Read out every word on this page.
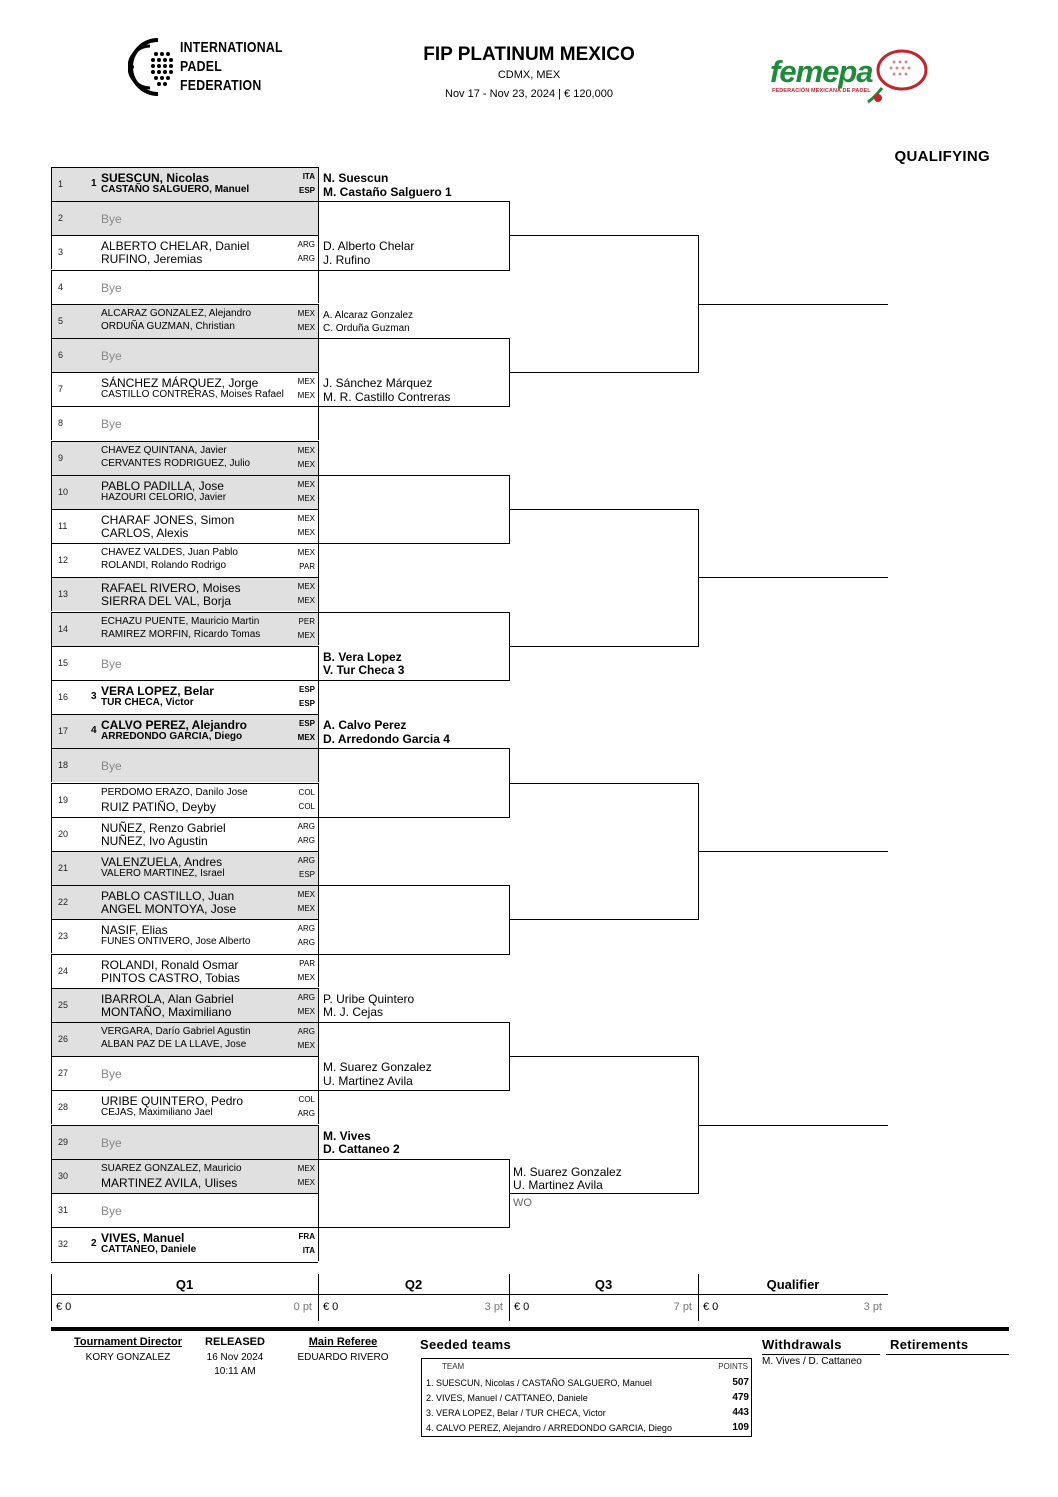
INTERNATIONAL
PADEL
FEDERATION
FIP PLATINUM MEXICO
CDMX, MEX
Nov 17 - Nov 23, 2024 | € 120,000
femepa
FEDERACIÓN MEXICANA DE PADEL
QUALIFYING
1	1 SUESCUN, Nicolas	ITA
CASTAÑO SALGUERO, Manuel	ESP
2	Bye
3	ALBERTO CHELAR, Daniel	ARG
RUFINO, Jeremias	ARG
4	Bye
5
ALCARAZ GONZALEZ, Alejandro	MEX
ORDUÑA GUZMAN, Christian	MEX
6	Bye
7	SÁNCHEZ MÁRQUEZ, Jorge	MEX
CASTILLO CONTRERAS, Moises Rafael MEX
8	Bye
9
CHAVEZ QUINTANA, Javier	MEX
CERVANTES RODRIGUEZ, Julio	MEX
10	PABLO PADILLA, Jose	MEX
HAZOURI CELORIO, Javier	MEX
11	CHARAF JONES, Simon	MEX
CARLOS, Alexis	MEX
12
CHAVEZ VALDES, Juan Pablo	MEX
ROLANDI, Rolando Rodrigo	PAR
13	RAFAEL RIVERO, Moises	MEX
SIERRA DEL VAL, Borja	MEX
14
ECHAZU PUENTE, Mauricio Martin	PER
RAMIREZ MORFIN, Ricardo Tomas	MEX
15	Bye
16 3 VERA LOPEZ, Belar	ESP
TUR CHECA, Victor	ESP
17 4 CALVO PEREZ, Alejandro	ESP
ARREDONDO GARCIA, Diego	MEX
18	Bye
19
PERDOMO ERAZO, Danilo Jose	COL
RUIZ PATIÑO, Deyby	COL
20	NUÑEZ, Renzo Gabriel	ARG
NUÑEZ, Ivo Agustin	ARG
21	VALENZUELA, Andres	ARG
VALERO MARTINEZ, Israel	ESP
22	PABLO CASTILLO, Juan	MEX
ANGEL MONTOYA, Jose	MEX
23	NASIF, Elias	ARG
FUNES ONTIVERO, Jose Alberto	ARG
24	ROLANDI, Ronald Osmar	PAR
PINTOS CASTRO, Tobias	MEX
25	IBARROLA, Alan Gabriel	ARG
MONTAÑO, Maximiliano	MEX
26
VERGARA, Darío Gabriel Agustin	ARG
ALBAN PAZ DE LA LLAVE, Jose	MEX
27	Bye
28	URIBE QUINTERO, Pedro	COL
CEJAS, Maximiliano Jael	ARG
29	Bye
30
SUAREZ GONZALEZ, Mauricio	MEX
MARTINEZ AVILA, Ulises	MEX
31	Bye
32 2 VIVES, Manuel	FRA
CATTANEO, Daniele	ITA
N. Suescun
M. Castaño Salguero 1
D. Alberto Chelar
J. Rufino
A. Alcaraz Gonzalez
C. Orduña Guzman
J. Sánchez Márquez
M. R. Castillo Contreras
B. Vera Lopez
V. Tur Checa 3
A. Calvo Perez
D. Arredondo Garcia 4
P. Uribe Quintero
M. J. Cejas
M. Suarez Gonzalez
U. Martinez Avila
M. Vives
D. Cattaneo 2
M. Suarez Gonzalez
U. Martinez Avila
WO
Q1
€ 0	0 pt
Q2
€ 0	3 pt
Q3
€ 0	7 pt
Qualifier
€ 0	3 pt
Tournament Director
KORY GONZALEZ
RELEASED
16 Nov 2024
10:11 AM
Main Referee
EDUARDO RIVERO
Seeded teams
TEAM	POINTS
1. SUESCUN, Nicolas / CASTAÑO SALGUERO, Manuel	507
2. VIVES, Manuel / CATTANEO, Daniele	479
3. VERA LOPEZ, Belar / TUR CHECA, Victor	443
4. CALVO PEREZ, Alejandro / ARREDONDO GARCIA, Diego	109
Withdrawals
M. Vives / D. Cattaneo
Retirements
